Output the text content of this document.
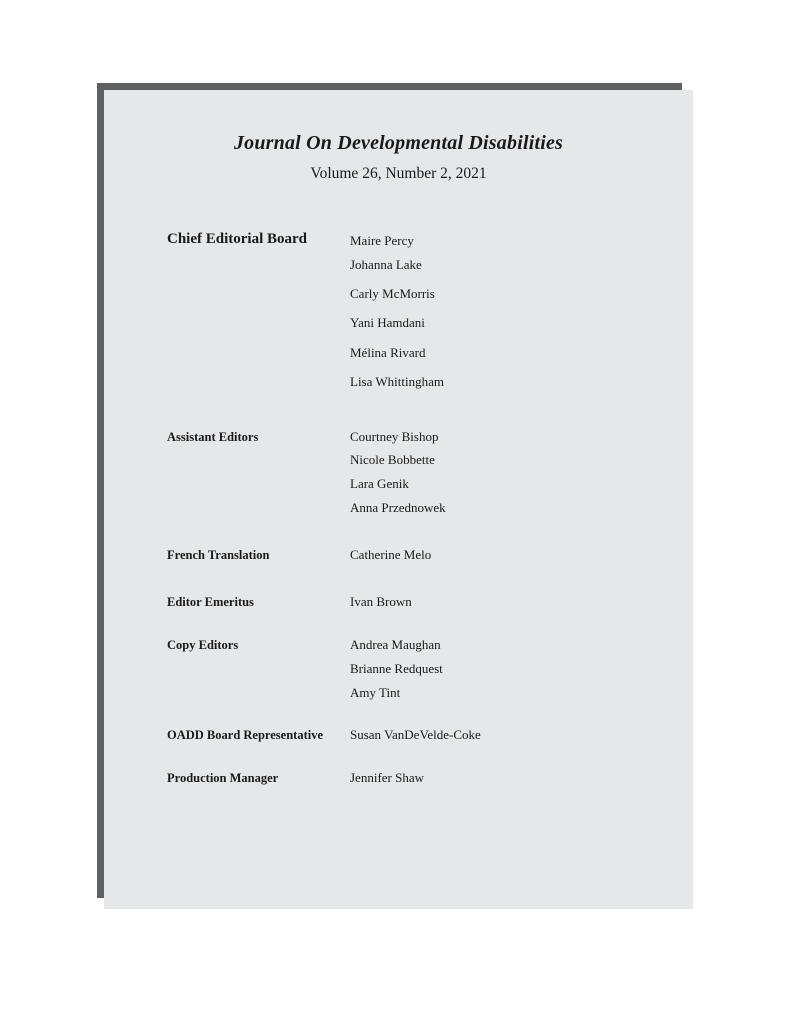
Journal On Developmental Disabilities

Volume 26, Number 2, 2021

Chief Editorial Board	Maire Percy

Johanna Lake

Carly McMorris

Yani Hamdani

Mélina Rivard

Lisa Whittingham

Assistant Editors	Courtney Bishop

Nicole Bobbette

Lara Genik

Anna Przednowek

French Translation	Catherine Melo

Editor Emeritus	Ivan Brown

Copy Editors	Andrea Maughan

Brianne Redquest

Amy Tint

OADD Board Representative Susan VanDeVelde-Coke

Production Manager	Jennifer Shaw
